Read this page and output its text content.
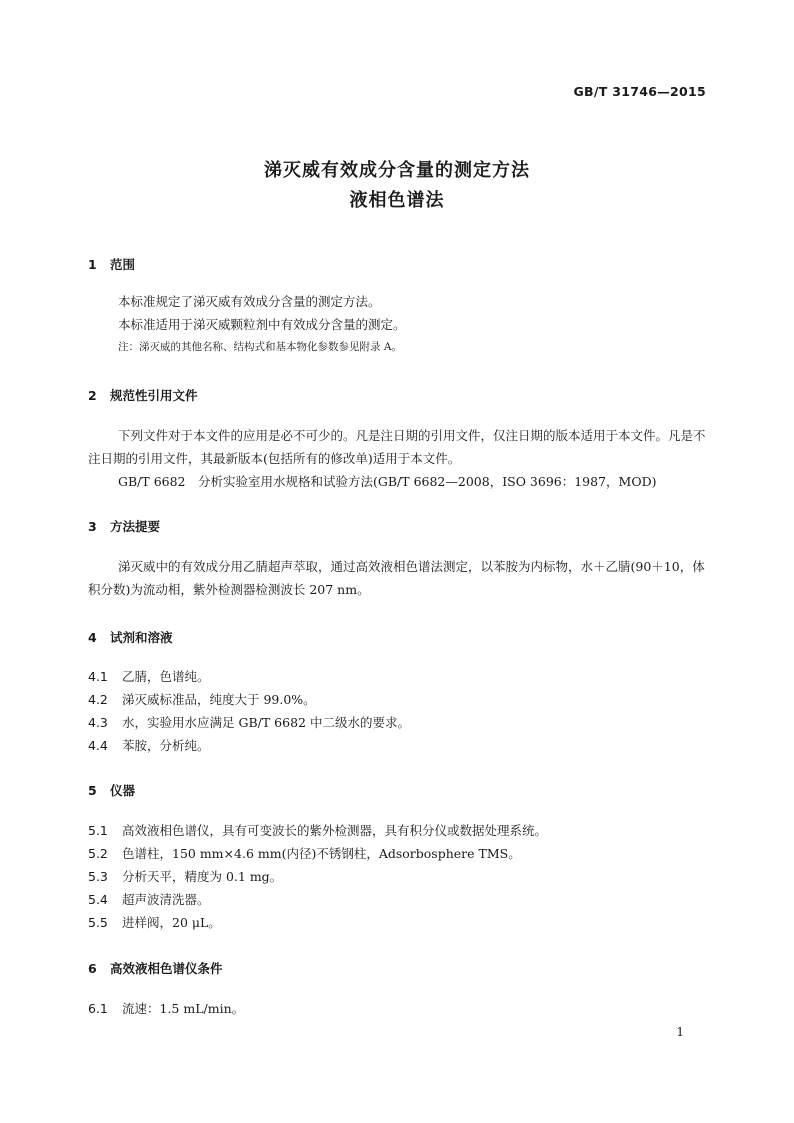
GB/T 31746—2015
涕灭威有效成分含量的测定方法
液相色谱法
1 范围
本标准规定了涕灭威有效成分含量的测定方法。
本标准适用于涕灭威颗粒剂中有效成分含量的测定。
注：涕灭威的其他名称、结构式和基本物化参数参见附录 A。
2 规范性引用文件
下列文件对于本文件的应用是必不可少的。凡是注日期的引用文件，仅注日期的版本适用于本文件。凡是不注日期的引用文件，其最新版本(包括所有的修改单)适用于本文件。
GB/T 6682　分析实验室用水规格和试验方法(GB/T 6682—2008，ISO 3696：1987，MOD)
3 方法提要
涕灭威中的有效成分用乙腈超声萃取，通过高效液相色谱法测定，以苯胺为内标物，水＋乙腈(90＋10，体积分数)为流动相，紫外检测器检测波长 207 nm。
4 试剂和溶液
4.1 乙腈，色谱纯。
4.2 涕灭威标准品，纯度大于 99.0%。
4.3 水，实验用水应满足 GB/T 6682 中二级水的要求。
4.4 苯胺，分析纯。
5 仪器
5.1 高效液相色谱仪，具有可变波长的紫外检测器，具有积分仪或数据处理系统。
5.2 色谱柱，150 mm×4.6 mm(内径)不锈钢柱，Adsorbosphere TMS。
5.3 分析天平，精度为 0.1 mg。
5.4 超声波清洗器。
5.5 进样阀，20 μL。
6 高效液相色谱仪条件
6.1 流速：1.5 mL/min。
1
